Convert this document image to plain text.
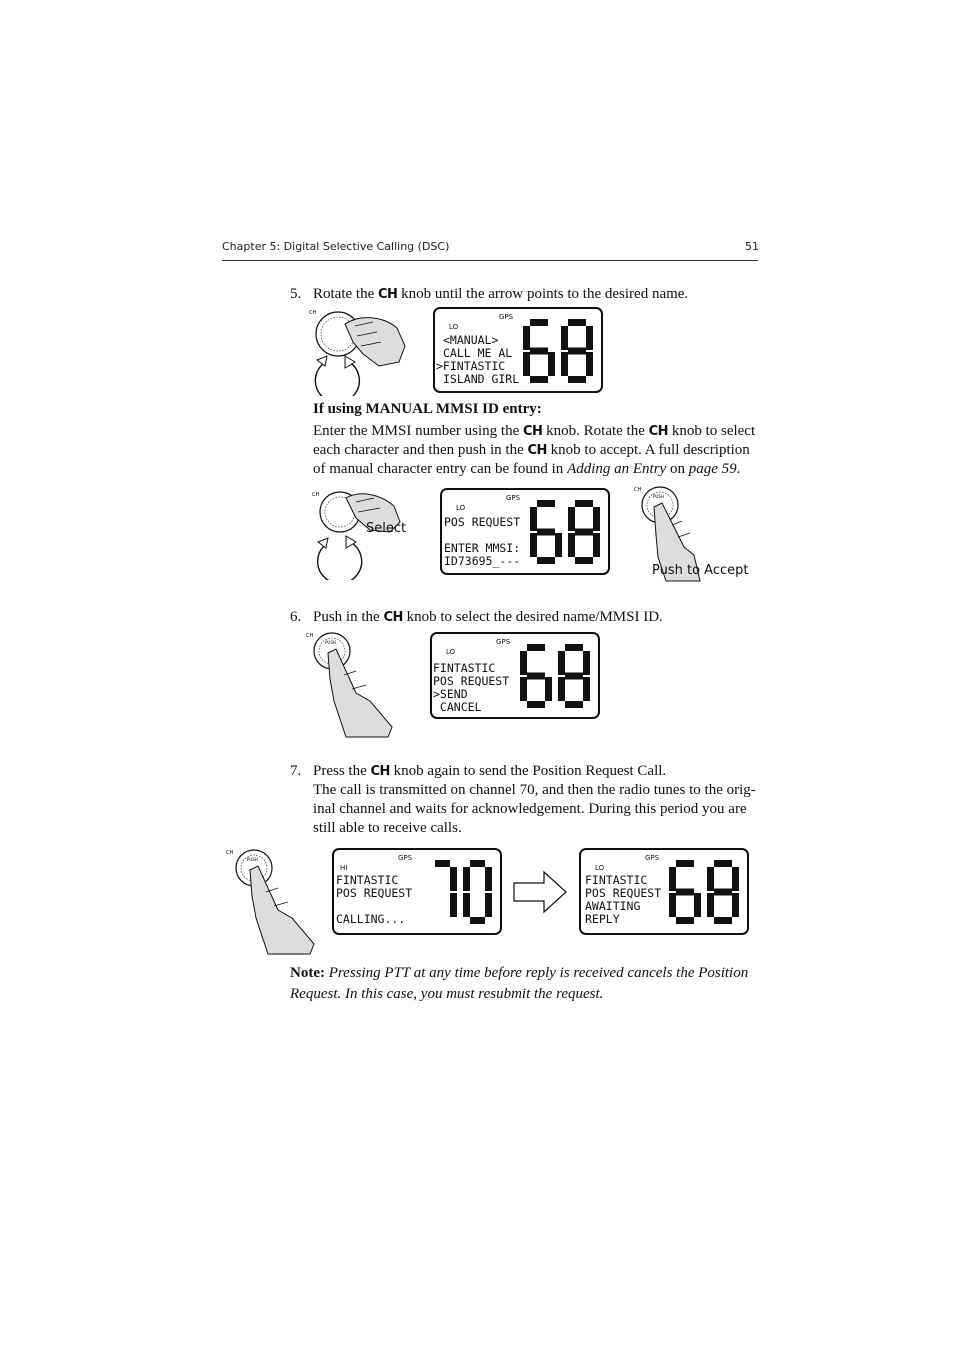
Chapter 5: Digital Selective Calling (DSC)	51
5. Rotate the CH knob until the arrow points to the desired name.
CH	GPS
LO
<MANUAL>
CALL ME AL
>FINTASTIC
ISLAND GIRL
If using MANUAL MMSI ID entry:
Enter the MMSI number using the CH knob. Rotate the CH knob to select
each character and then push in the CH knob to accept. A full description
of manual character entry can be found in Adding an Entry on page 59.
CH
Select
GPS
LO
POS REQUEST
ENTER MMSI:
ID73695_---
CH
PUSH
Push to Accept
6. Push in the CH knob to select the desired name/MMSI ID.
CH
PUSH	GPS
LO
FINTASTIC
POS REQUEST
>SEND
CANCEL
7. Press the CH knob again to send the Position Request Call.
The call is transmitted on channel 70, and then the radio tunes to the orig-
inal channel and waits for acknowledgement. During this period you are
still able to receive calls.
CH
PUSH	GPS
HI
FINTASTIC
POS REQUEST
CALLING...
GPS
LO
FINTASTIC
POS REQUEST
AWAITING
REPLY
Note: Pressing PTT at any time before reply is received cancels the Position
Request. In this case, you must resubmit the request.
